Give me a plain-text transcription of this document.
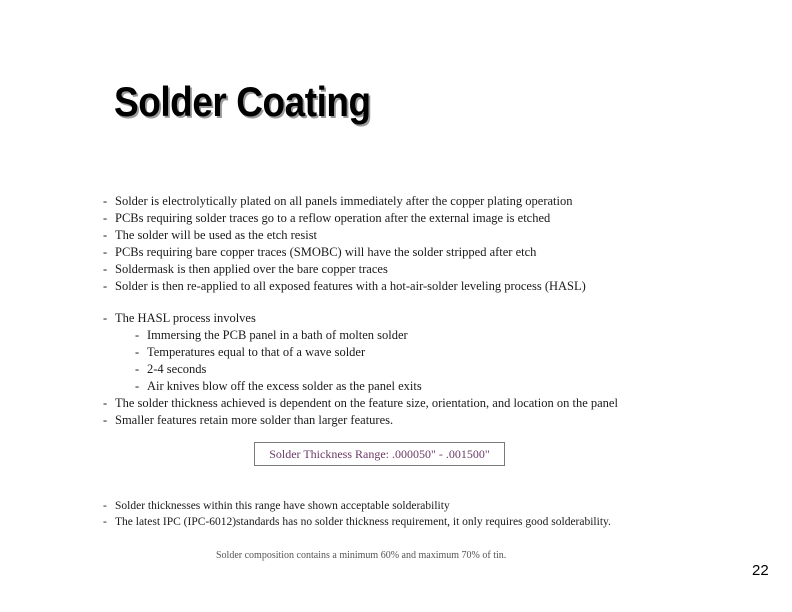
Solder Coating
- Solder is electrolytically plated on all panels immediately after the copper plating operation
- PCBs requiring solder traces go to a reflow operation after the external image is etched
- The solder will be used as the etch resist
- PCBs requiring bare copper traces (SMOBC) will have the solder stripped after etch
- Soldermask is then applied over the bare copper traces
- Solder is then re-applied to all exposed features with a hot-air-solder leveling process (HASL)
- The HASL process involves
- Immersing the PCB panel in a bath of molten solder
- Temperatures equal to that of a wave solder
- 2-4 seconds
- Air knives blow off the excess solder as the panel exits
- The solder thickness achieved is dependent on the feature size, orientation, and location on the panel
- Smaller features retain more solder than larger features.
Solder Thickness Range: .000050" - .001500"
- Solder thicknesses within this range have shown acceptable solderability
- The latest IPC (IPC-6012)standards has no solder thickness requirement, it only requires good solderability.
Solder composition contains a minimum 60% and maximum 70% of tin.
22
